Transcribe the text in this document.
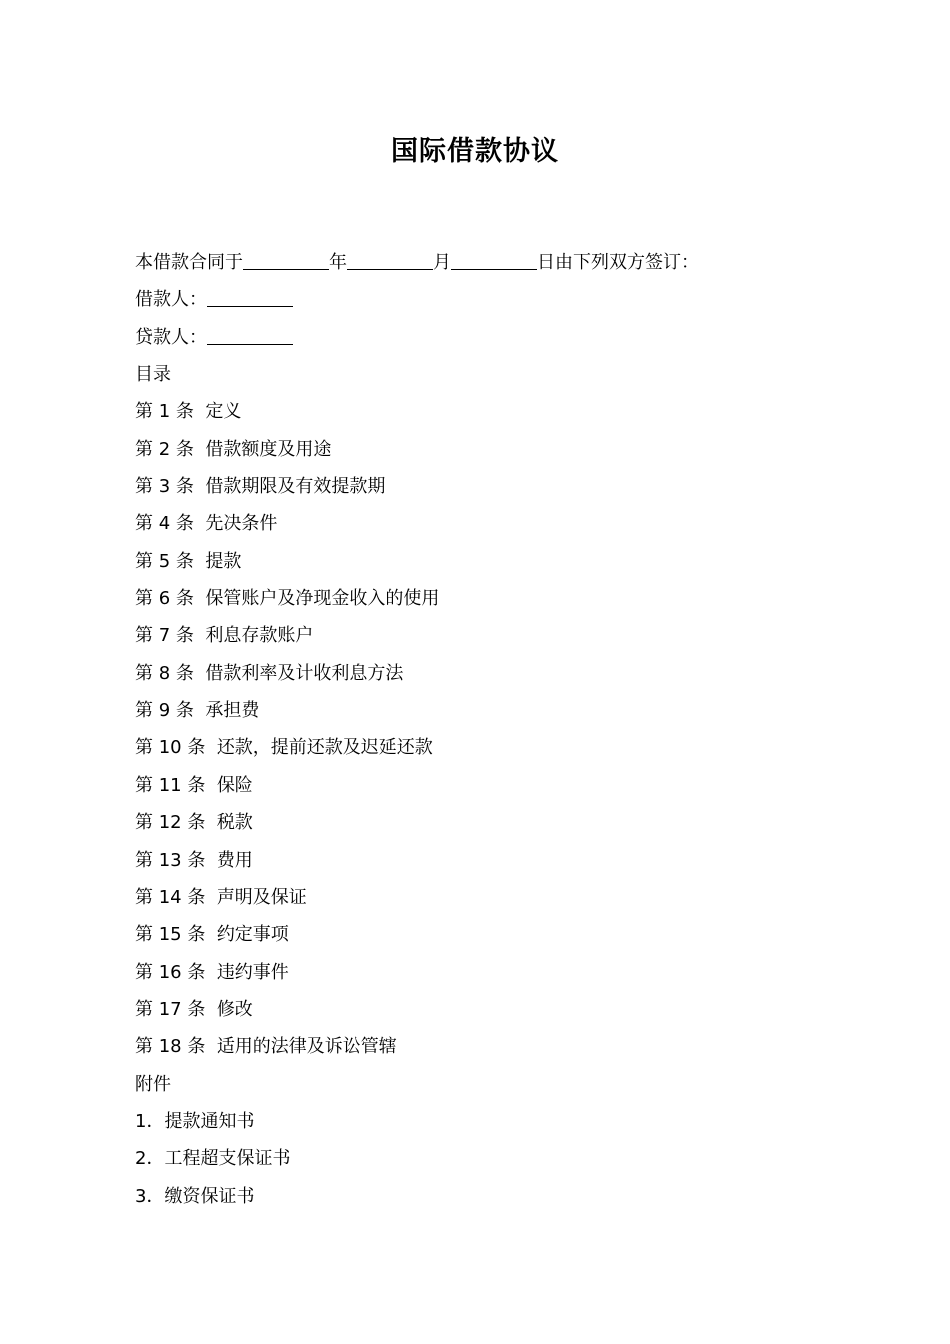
国际借款协议
本借款合同于	年	月	日由下列双方签订：
借款人：
贷款人：
目录
第 1 条 定义
第 2 条 借款额度及用途
第 3 条 借款期限及有效提款期
第 4 条 先决条件
第 5 条 提款
第 6 条 保管账户及净现金收入的使用
第 7 条 利息存款账户
第 8 条 借款利率及计收利息方法
第 9 条 承担费
第 10 条 还款，提前还款及迟延还款
第 11 条 保险
第 12 条 税款
第 13 条 费用
第 14 条 声明及保证
第 15 条 约定事项
第 16 条 违约事件
第 17 条 修改
第 18 条 适用的法律及诉讼管辖
附件
1．提款通知书
2．工程超支保证书
3．缴资保证书
